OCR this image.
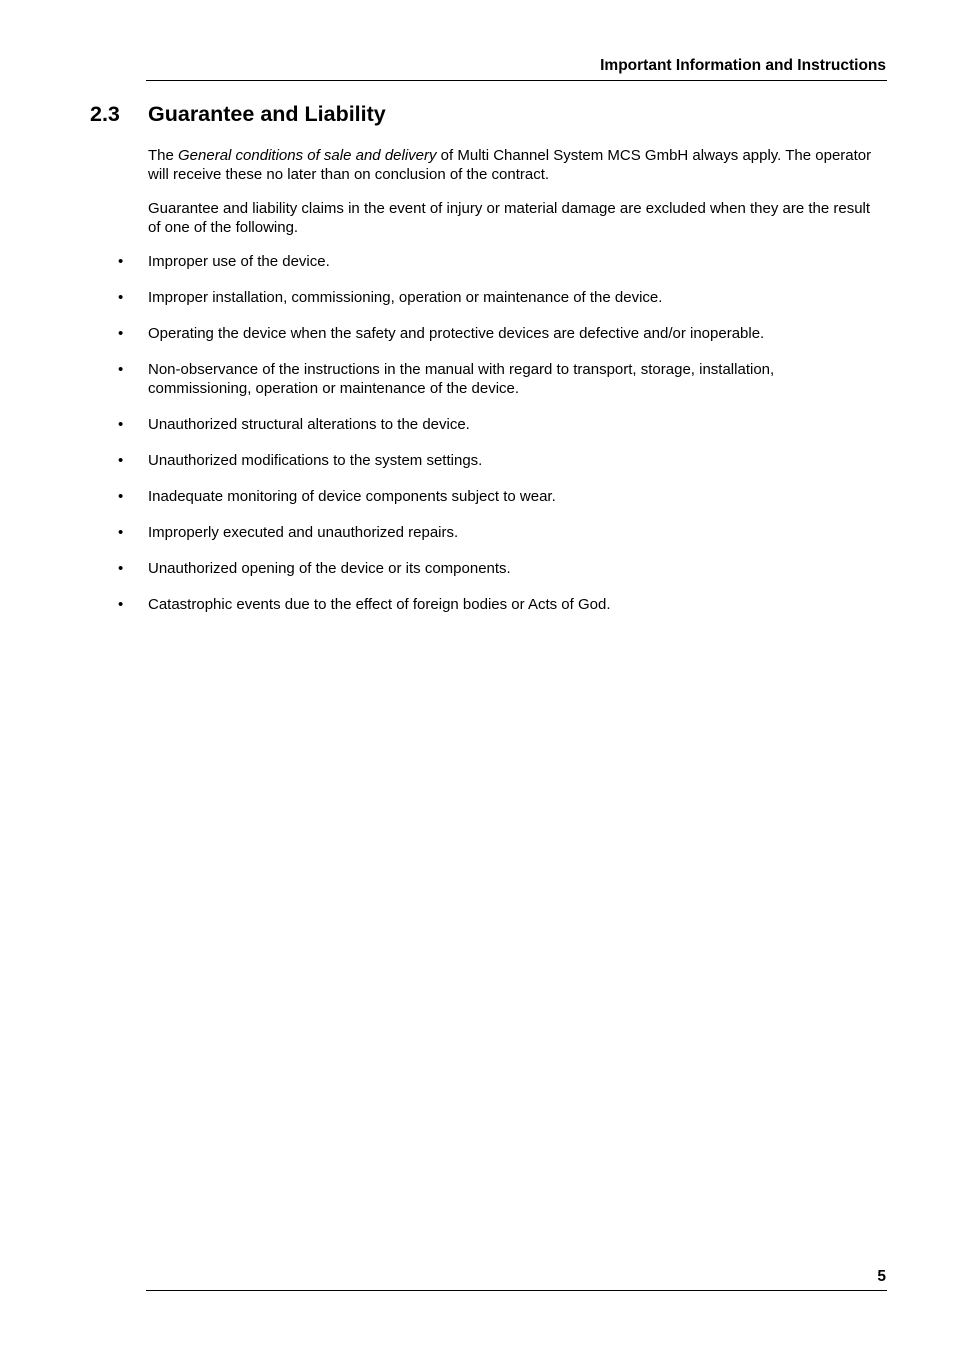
Important Information and Instructions
2.3 Guarantee and Liability

The General conditions of sale and delivery of Multi Channel System MCS GmbH always apply. The operator will receive these no later than on conclusion of the contract.

Guarantee and liability claims in the event of injury or material damage are excluded when they are the result of one of the following.

•	Improper use of the device.
•	Improper installation, commissioning, operation or maintenance of the device.
•	Operating the device when the safety and protective devices are defective and/or inoperable.
•	Non-observance of the instructions in the manual with regard to transport, storage, installation, commissioning, operation or maintenance of the device.
•	Unauthorized structural alterations to the device.
•	Unauthorized modifications to the system settings.
•	Inadequate monitoring of device components subject to wear.
•	Improperly executed and unauthorized repairs.
•	Unauthorized opening of the device or its components.
•	Catastrophic events due to the effect of foreign bodies or Acts of God.
5
